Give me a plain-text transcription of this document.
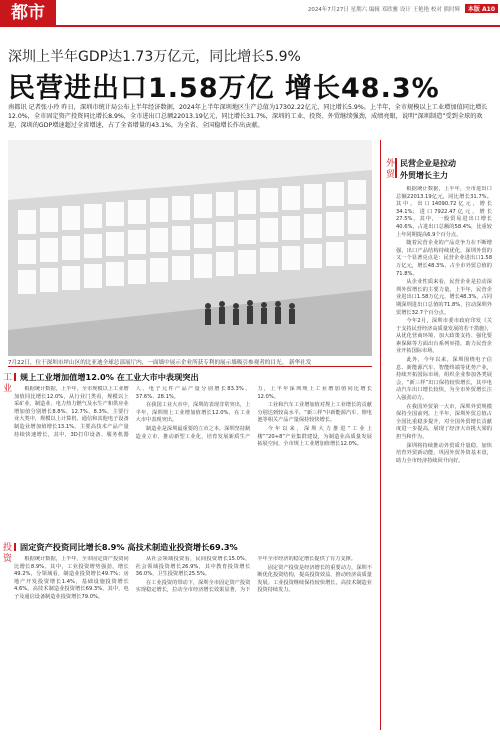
都市	2024年7月27日 星期六 编辑 邓欣雅 设计 王艳艳 校对 熊时辉 本版 A10
深圳上半年GDP达1.73万亿元，同比增长5.9%
民营进出口1.58万亿 增长48.3%
南都讯 记者张小玲 昨日，深圳市统计局公布上半年经济数据，2024年上半年深圳地区生产总值为17302.22亿元，同比增长5.9%。上半年，全市规模以上工业增加值同比增长12.0%，全市固定资产投资同比增长8.9%，全市进出口总额22013.19亿元，同比增长31.7%，深圳的工业、投资、外贸继续强劲，成绩亮眼，说明“深圳制造”受到全球的欢迎，深圳的GDP增速超过全省增速，占了全省增量的43.1%，为全省、全国稳增长作出贡献。
7月22日，位于深圳市坪山区的比亚迪全球总部展厅内，一面墙中展示企业所获专利的展示墙吸引参观者的目光。 新华社发
工业	规上工业增加值增12.0% 在工业大市中表现突出

根据统计数据，上半年，全市规模以上工业增加值同比增长12.0%，从行业门类看，规模以上采矿业、制造业、电力热力燃气及水生产和供应业增加值分别增长8.8%、12.7%、8.3%。主要行业大类中，规模以上计算机、通信和其他电子设备制造业增加值增长13.1%。主要高技术产品产量持续快速增长，其中，3D打印设备、服务机器人、电子元件产品产量分别增长83.3%、37.6%、28.1%。

在我国工业大市中，深圳的表现非常突出，上半年，深圳规上工业增加值增长12.0%，在工业大市中表现突出。

制造业是深圳最重要的立市之本，深圳坚持制造业立市，推动新型工业化，培育发展新质生产力，上半年深圳规上工业增加值同比增长12.0%。

工业和汽车工业增加值对规上工业增长的贡献分别达到较高水平，“新三样”中新能源汽车、锂电池等相关产品产量保持较快增长。

今年以来，深圳大力推进“工业上楼”“20+8”产业集群建设，为制造业高质量发展拓展空间，全市规上工业增加值增长12.0%。

投资	固定资产投资同比增长8.9% 高技术制造业投资增长69.3%

根据统计数据，上半年，全市固定资产投资同比增长8.9%。其中，工业投资增势强劲，增长49.2%，分领域看，制造业投资增长49.7%；房地产开发投资增长1.4%，基础设施投资增长4.6%。高技术制造业投资增长69.3%，其中，电子及通信设备制造业投资增长79.0%。

从社会领域投资看，民间投资增长15.0%，社会领域投资增长26.9%，其中教育投资增长36.0%，卫生投资增长25.5%。

在工业投资的带动下，深圳全市固定资产投资实现稳定增长，拉动全市经济增长效果显著，为下半年全市经济的稳定增长提供了有力支撑。

固定资产投资是经济增长的重要动力，深圳不断优化投资结构，提高投资效益，推动经济高质量发展。工业投资继续保持较快增长，高技术制造业投资持续发力。

外贸 民营企业是拉动
外贸增长主力

根据统计数据，上半年，全市进出口总额22013.19亿元，同比增长31.7%。其中，出口14090.72亿元，增长34.1%；进口7922.47亿元，增长27.5%。其中，一般贸易进出口增长40.6%，占进出口总额的58.4%，比重较上年同期提高6.9个百分点。

随着民营企业的产品竞争力在不断增强，出口产品结构持续优化，深圳外贸的又一个显著亮点是：民营企业进出口1.58万亿元，增长48.3%，占全市外贸总值的71.8%。

从企业性质来看，民营企业是拉动深圳外贸增长的主要力量。上半年，民营企业进出口1.58万亿元，增长48.3%，占同期深圳进出口总值的71.8%，拉动深圳外贸增长32.7个百分点。

今年2月，深圳市委市政府印发《关于支持民营经济高质量发展的若干措施》，从优化营商环境、加大政策支持、强化要素保障等方面出台系列举措，助力民营企业开拓国际市场。

此外，今年以来，深圳围绕电子信息、新能源汽车、智能终端等优势产业，持续开拓国际市场，组织企业参加各类展会，“新三样”出口保持较快增长，其中电动汽车出口增长较快，为全市外贸增长注入强劲动力。

在我国外贸第一大市，深圳外贸规模保持全国前列。上半年，深圳外贸总值占全国比重稳步提升，对全国外贸增长贡献度进一步提高，展现了经济大市挑大梁的担当和作为。

深圳将持续推动外贸质升量稳，加快培育外贸新动能，巩固外贸外资基本盘，助力全市经济持续回升向好。
